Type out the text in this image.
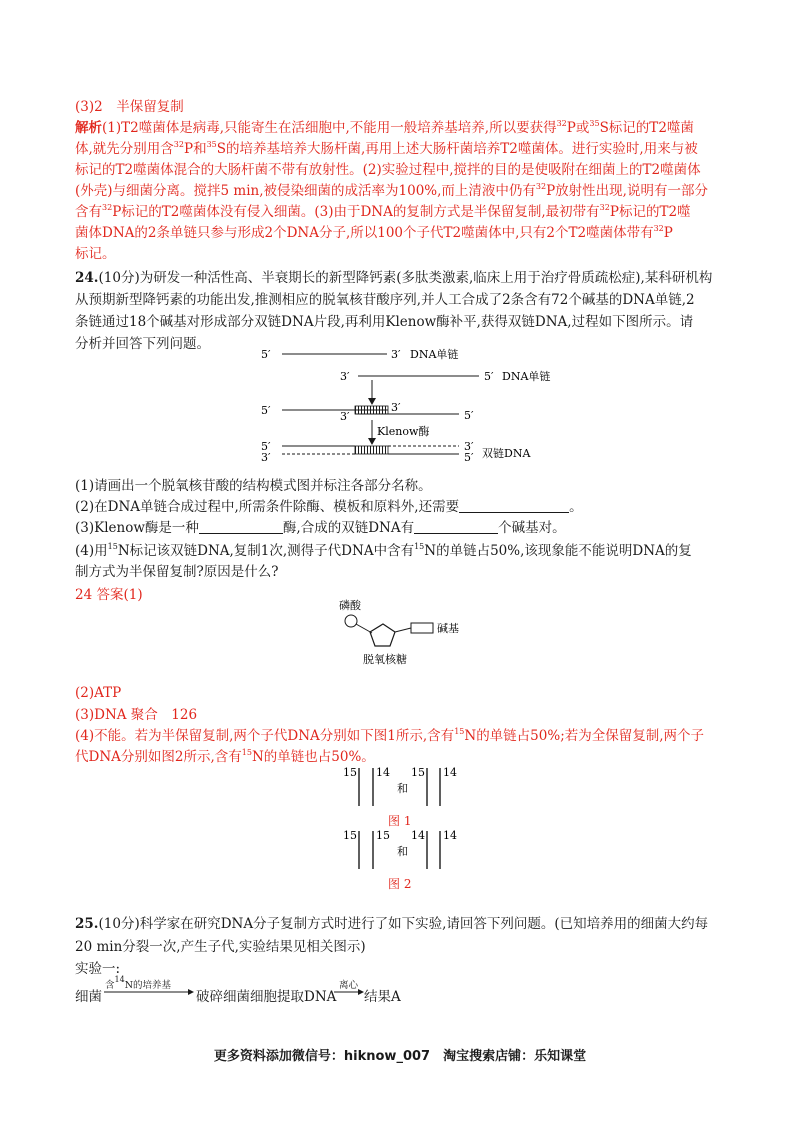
(3)2　半保留复制
解析(1)T2噬菌体是病毒,只能寄生在活细胞中,不能用一般培养基培养,所以要获得$^{32}$P或$^{35}$S标记的T2噬菌
体,就先分别用含$^{32}$P和$^{35}$S的培养基培养大肠杆菌,再用上述大肠杆菌培养T2噬菌体。进行实验时,用来与被
标记的T2噬菌体混合的大肠杆菌不带有放射性。(2)实验过程中,搅拌的目的是使吸附在细菌上的T2噬菌体
(外壳)与细菌分离。搅拌5 min,被侵染细菌的成活率为100%,而上清液中仍有$^{32}$P放射性出现,说明有一部分
含有$^{32}$P标记的T2噬菌体没有侵入细菌。(3)由于DNA的复制方式是半保留复制,最初带有$^{32}$P标记的T2噬
菌体DNA的2条单链只参与形成2个DNA分子,所以100个子代T2噬菌体中,只有2个T2噬菌体带有$^{32}$P
标记。
24.(10分)为研发一种活性高、半衰期长的新型降钙素(多肽类激素,临床上用于治疗骨质疏松症),某科研机构
从预期新型降钙素的功能出发,推测相应的脱氧核苷酸序列,并人工合成了2条含有72个碱基的DNA单链,2
条链通过18个碱基对形成部分双链DNA片段,再利用Klenow酶补平,获得双链DNA,过程如下图所示。请
分析并回答下列问题。
5′	3′ DNA单链
3′	5′ DNA单链
5′	3′
3′	5′
Klenow酶
5′	3′
3′	5′ 双链DNA
(1)请画出一个脱氧核苷酸的结构模式图并标注各部分名称。
(2)在DNA单链合成过程中,所需条件除酶、模板和原料外,还需要	。
(3)Klenow酶是一种	酶,合成的双链DNA有	个碱基对。
(4)用$^{15}$N标记该双链DNA,复制1次,测得子代DNA中含有$^{15}$N的单链占50%,该现象能不能说明DNA的复
制方式为半保留复制?原因是什么?
24 答案(1)
磷酸
碱基
脱氧核糖
(2)ATP
(3)DNA 聚合　126
(4)不能。若为半保留复制,两个子代DNA分别如下图1所示,含有$^{15}$N的单链占50%;若为全保留复制,两个子
代DNA分别如图2所示,含有$^{15}$N的单链也占50%。
15 14
和
15 14
图 1
15 15
和
14 14
图 2
25.(10分)科学家在研究DNA分子复制方式时进行了如下实验,请回答下列问题。(已知培养用的细菌大约每
20 min分裂一次,产生子代,实验结果见相关图示)
实验一:
细菌
含$^{14}$N的培养基
破碎细菌细胞提取DNA
离心
结果A
更多资料添加微信号：hiknow_007　淘宝搜索店铺：乐知课堂
